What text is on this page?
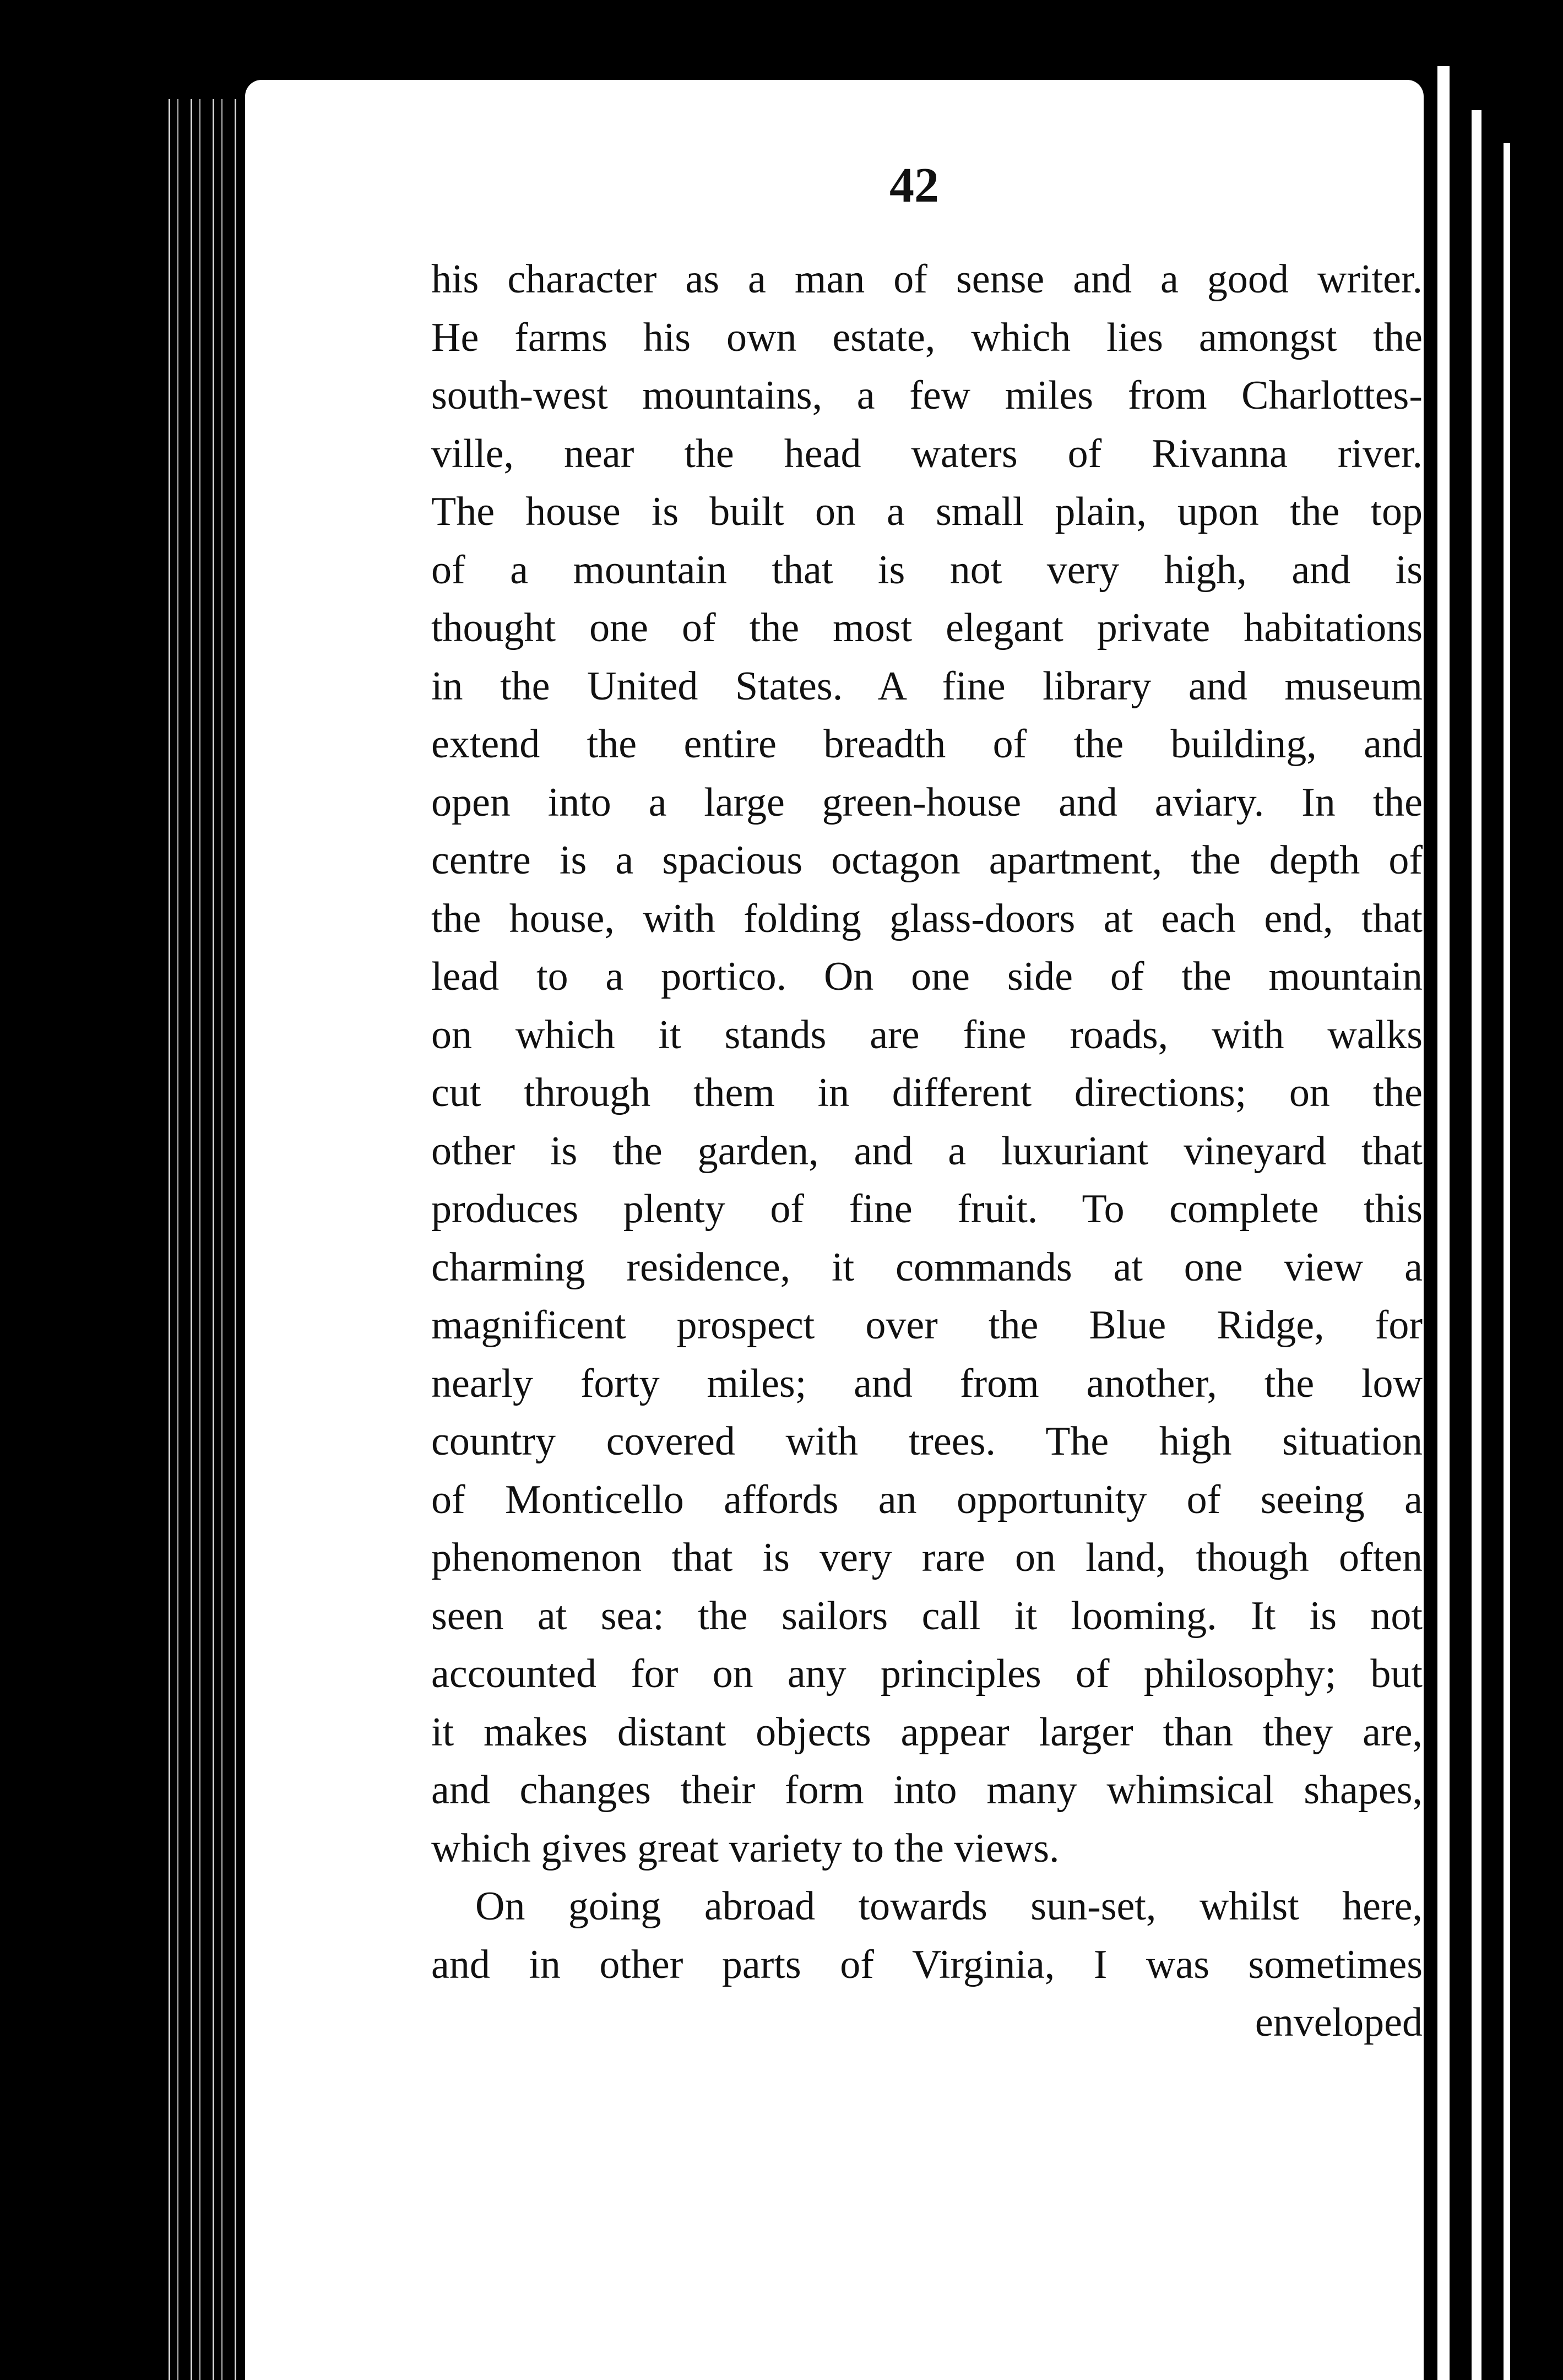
42
his character as a man of sense and a good writer.
He farms his own estate, which lies amongst the
south-west mountains, a few miles from Charlottes-
ville, near the head waters of Rivanna river.
The house is built on a small plain, upon the top
of a mountain that is not very high, and is
thought one of the most elegant private habitations
in the United States. A fine library and museum
extend the entire breadth of the building, and
open into a large green-house and aviary. In the
centre is a spacious octagon apartment, the depth of
the house, with folding glass-doors at each end, that
lead to a portico. On one side of the mountain
on which it stands are fine roads, with walks
cut through them in different directions; on the
other is the garden, and a luxuriant vineyard that
produces plenty of fine fruit. To complete this
charming residence, it commands at one view a
magnificent prospect over the Blue Ridge, for
nearly forty miles; and from another, the low
country covered with trees. The high situation
of Monticello affords an opportunity of seeing a
phenomenon that is very rare on land, though often
seen at sea: the sailors call it looming. It is not
accounted for on any principles of philosophy; but
it makes distant objects appear larger than they are,
and changes their form into many whimsical shapes,
which gives great variety to the views.
On going abroad towards sun-set, whilst here,
and in other parts of Virginia, I was sometimes
enveloped
